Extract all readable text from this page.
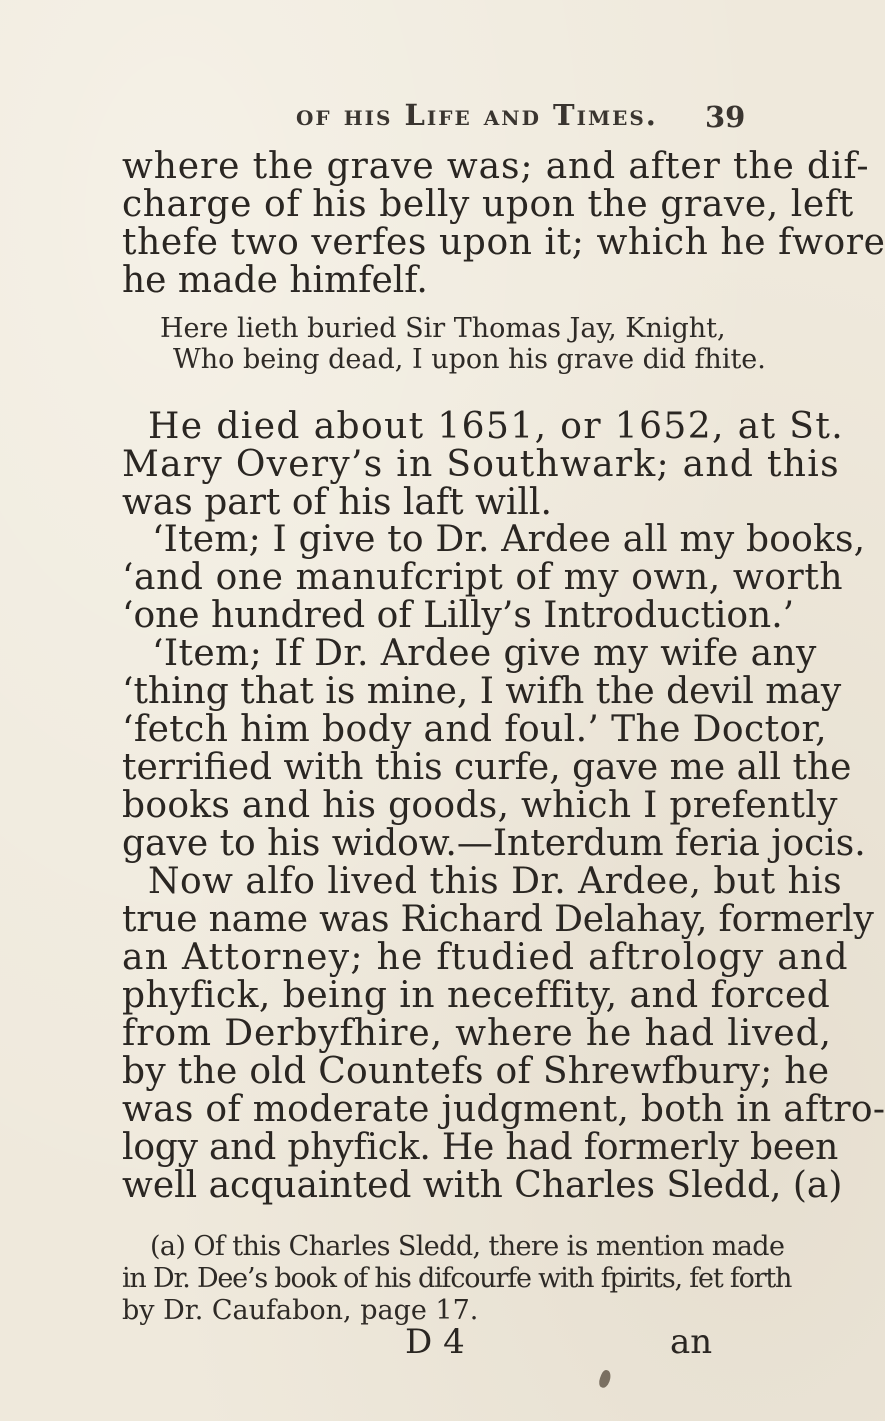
of his Life and Times. 39
where the grave was; and after the dif-
charge of his belly upon the grave, left
thefe two verfes upon it; which he fwore
he made himfelf.
Here lieth buried Sir Thomas Jay, Knight,
Who being dead, I upon his grave did fhite.
He died about 1651, or 1652, at St.
Mary Overy’s in Southwark; and this
was part of his laft will.
‘Item; I give to Dr. Ardee all my books,
‘and one manufcript of my own, worth
‘one hundred of Lilly’s Introduction.’
‘Item; If Dr. Ardee give my wife any
‘thing that is mine, I wifh the devil may
‘fetch him body and foul.’ The Doctor,
terrified with this curfe, gave me all the
books and his goods, which I prefently
gave to his widow.—Interdum feria jocis.
Now alfo lived this Dr. Ardee, but his
true name was Richard Delahay, formerly
an Attorney; he ftudied aftrology and
phyfick, being in neceffity, and forced
from Derbyfhire, where he had lived,
by the old Countefs of Shrewfbury; he
was of moderate judgment, both in aftro-
logy and phyfick. He had formerly been
well acquainted with Charles Sledd, (a)
(a) Of this Charles Sledd, there is mention made
in Dr. Dee’s book of his difcourfe with fpirits, fet forth
by Dr. Caufabon, page 17.
D 4	an
